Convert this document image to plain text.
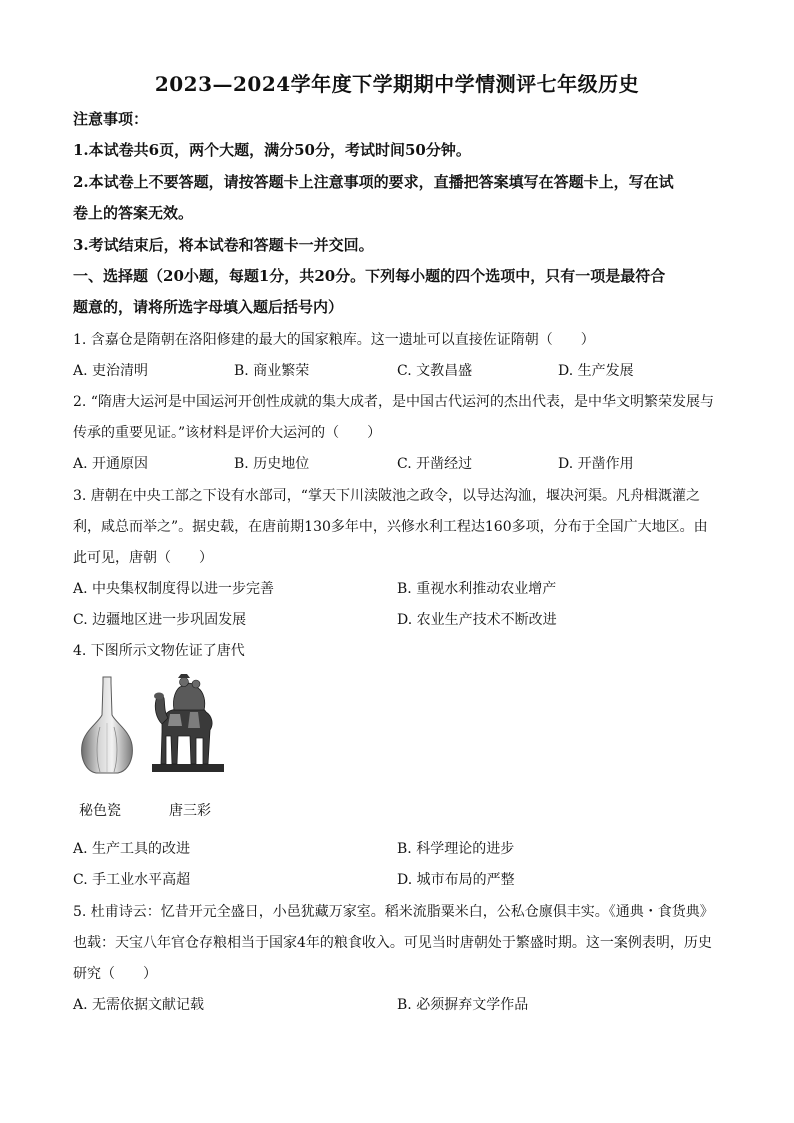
2023—2024学年度下学期期中学情测评七年级历史
注意事项：
1.本试卷共6页，两个大题，满分50分，考试时间50分钟。
2.本试卷上不要答题，请按答题卡上注意事项的要求，直播把答案填写在答题卡上，写在试
卷上的答案无效。
3.考试结束后，将本试卷和答题卡一并交回。
一、选择题（20小题，每题1分，共20分。下列每小题的四个选项中，只有一项是最符合
题意的，请将所选字母填入题后括号内）
1. 含嘉仓是隋朝在洛阳修建的最大的国家粮库。这一遗址可以直接佐证隋朝（　　）
A. 吏治清明	B. 商业繁荣	C. 文教昌盛	D. 生产发展
2. “隋唐大运河是中国运河开创性成就的集大成者，是中国古代运河的杰出代表，是中华文明繁荣发展与
传承的重要见证。”该材料是评价大运河的（　　）
A. 开通原因	B. 历史地位	C. 开凿经过	D. 开凿作用
3. 唐朝在中央工部之下设有水部司，“掌天下川渎陂池之政令，以导达沟洫，堰决河渠。凡舟楫溉灌之
利，咸总而举之”。据史载，在唐前期130多年中，兴修水利工程达160多项，分布于全国广大地区。由
此可见，唐朝（　　）
A. 中央集权制度得以进一步完善	B. 重视水利推动农业增产
C. 边疆地区进一步巩固发展	D. 农业生产技术不断改进
4. 下图所示文物佐证了唐代
秘色瓷	唐三彩
A. 生产工具的改进	B. 科学理论的进步
C. 手工业水平高超	D. 城市布局的严整
5. 杜甫诗云：忆昔开元全盛日，小邑犹藏万家室。稻米流脂粟米白，公私仓廪俱丰实。《通典・食货典》
也载：天宝八年官仓存粮相当于国家4年的粮食收入。可见当时唐朝处于繁盛时期。这一案例表明，历史
研究（　　）
A. 无需依据文献记载	B. 必须摒弃文学作品
